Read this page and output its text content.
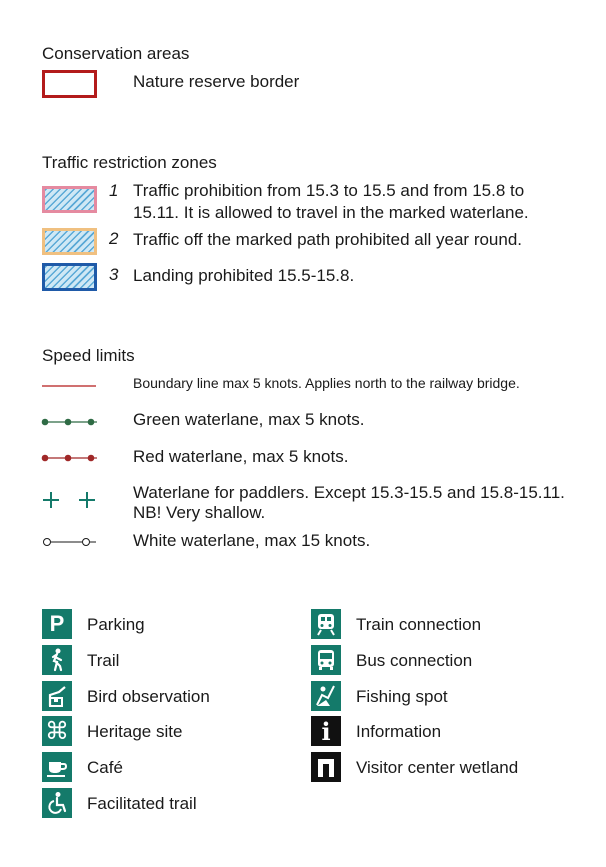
Conservation areas
Nature reserve border
Traffic restriction zones
1 Traffic prohibition from 15.3 to 15.5 and from 15.8 to
15.11. It is allowed to travel in the marked waterlane.
2 Traffic off the marked path prohibited all year round.
3 Landing prohibited 15.5-15.8.
Speed limits
Boundary line max 5 knots. Applies north to the railway bridge.
Green waterlane, max 5 knots.
Red waterlane, max 5 knots.
Waterlane for paddlers. Except 15.3-15.5 and 15.8-15.11.
NB! Very shallow.
White waterlane, max 15 knots.
P Parking
Trail
Bird observation
⌘ Heritage site
Café
Facilitated trail
Train connection
Bus connection
Fishing spot
i Information
Visitor center wetland
